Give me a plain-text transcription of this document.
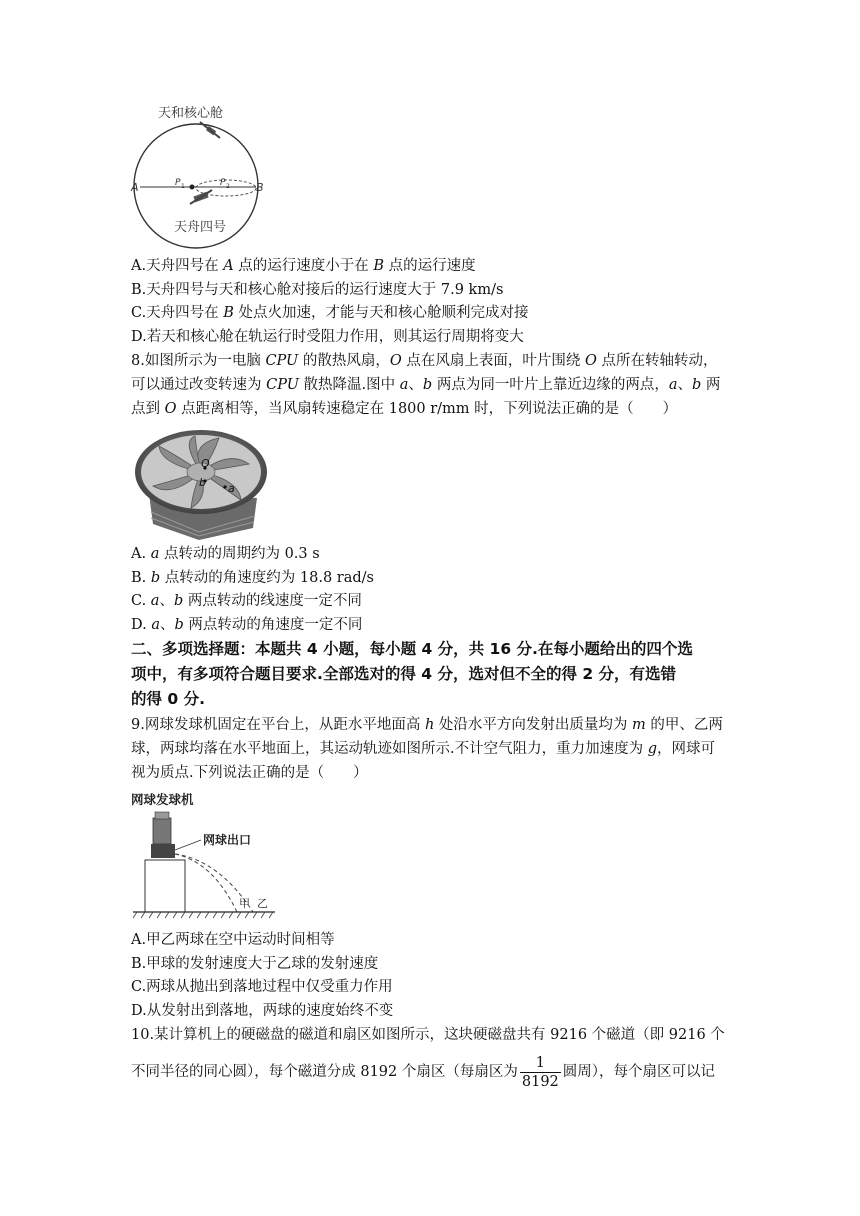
天和核心舱
天舟四号
A	B
P 1	P 2
A.天舟四号在 A 点的运行速度小于在 B 点的运行速度
B.天舟四号与天和核心舱对接后的运行速度大于 7.9 km/s
C.天舟四号在 B 处点火加速，才能与天和核心舱顺利完成对接
D.若天和核心舱在轨运行时受阻力作用，则其运行周期将变大
8.如图所示为一电脑 CPU 的散热风扇，O 点在风扇上表面，叶片围绕 O 点所在转轴转动，
可以通过改变转速为 CPU 散热降温.图中 a、b 两点为同一叶片上靠近边缘的两点，a、b 两
点到 O 点距离相等，当风扇转速稳定在 1800 r/mm 时，下列说法正确的是（　　）
O
b a
A. a 点转动的周期约为 0.3 s
B. b 点转动的角速度约为 18.8 rad/s
C. a、b 两点转动的线速度一定不同
D. a、b 两点转动的角速度一定不同
二、多项选择题：本题共 4 小题，每小题 4 分，共 16 分.在每小题给出的四个选
项中，有多项符合题目要求.全部选对的得 4 分，选对但不全的得 2 分，有选错
的得 0 分.
9.网球发球机固定在平台上，从距水平地面高 h 处沿水平方向发射出质量均为 m 的甲、乙两
球，两球均落在水平地面上，其运动轨迹如图所示.不计空气阻力，重力加速度为 g，网球可
视为质点.下列说法正确的是（　　）
网球发球机
网球出口
甲 乙
A.甲乙两球在空中运动时间相等
B.甲球的发射速度大于乙球的发射速度
C.两球从抛出到落地过程中仅受重力作用
D.从发射出到落地，两球的速度始终不变
10.某计算机上的硬磁盘的磁道和扇区如图所示，这块硬磁盘共有 9216 个磁道（即 9216 个
不同半径的同心圆），每个磁道分成 8192 个扇区（每扇区为 $\frac{1}{8192}$ 圆周），每个扇区可以记
